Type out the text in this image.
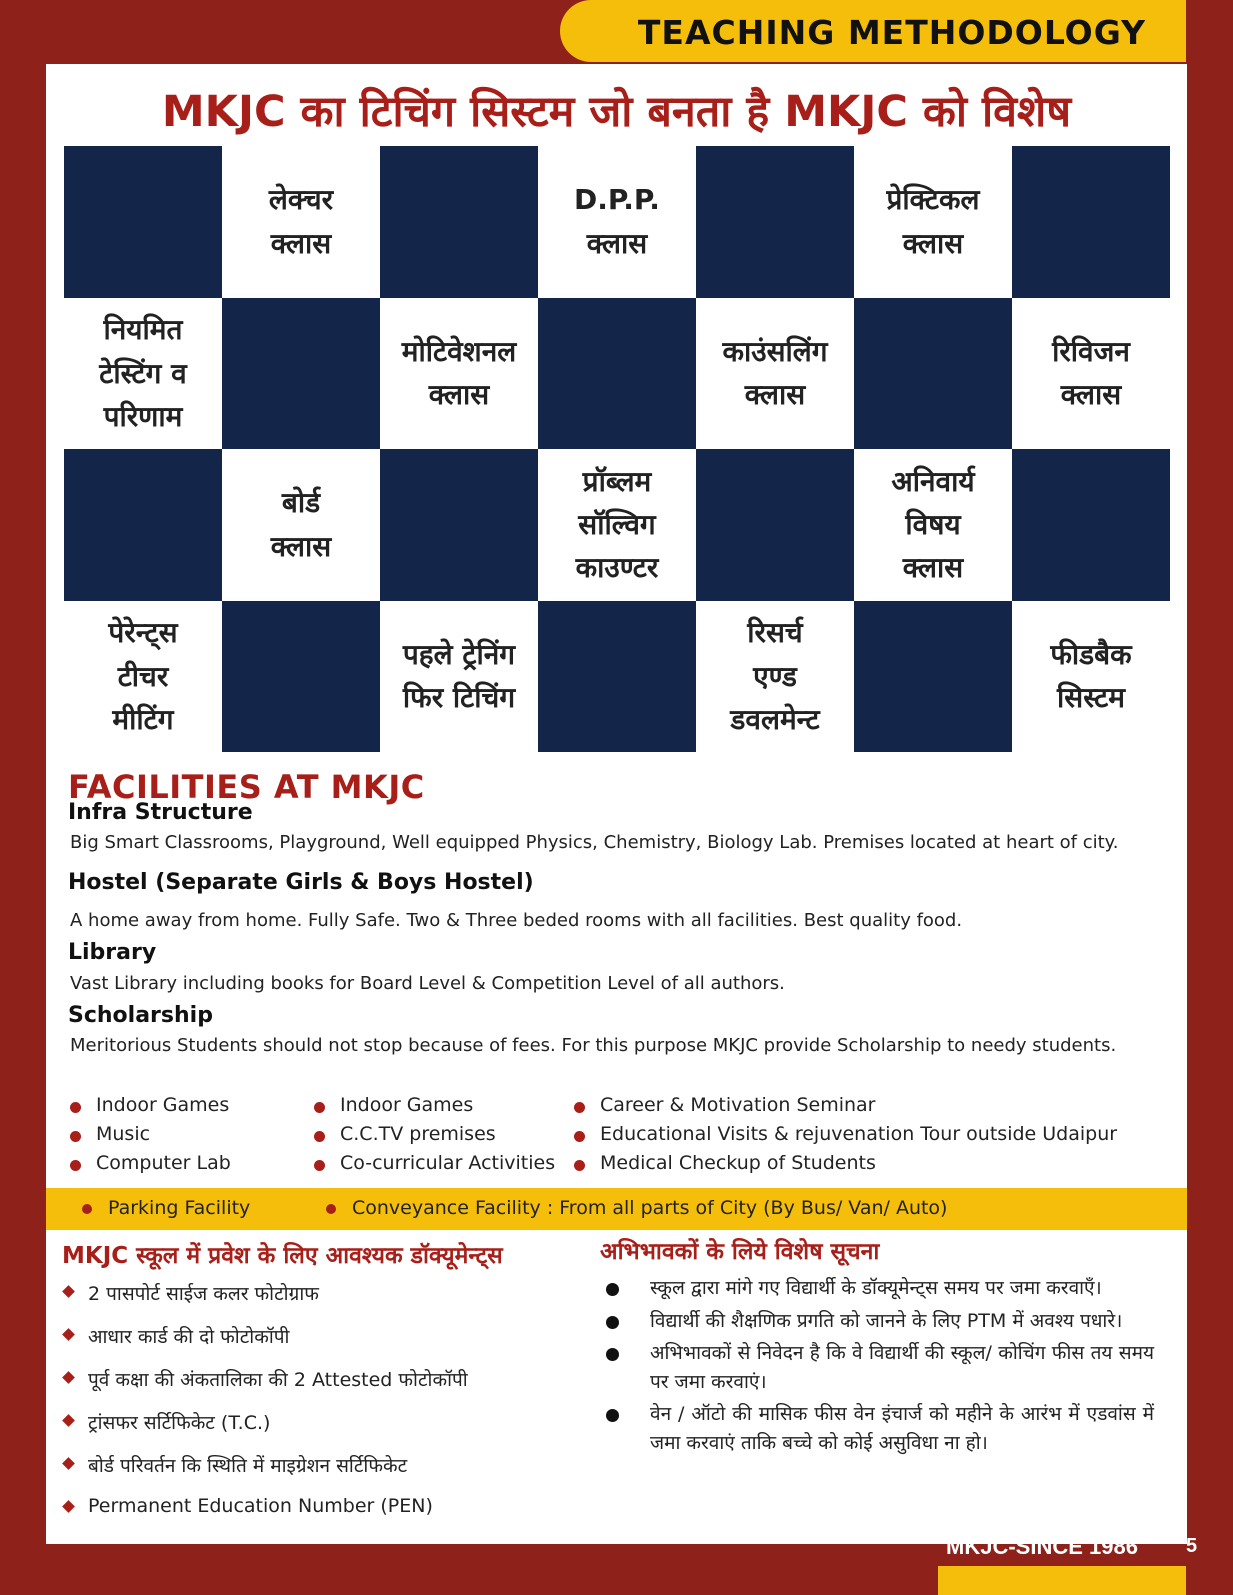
TEACHING METHODOLOGY
MKJC का टिचिंग सिस्टम जो बनता है MKJC को विशेष
लेक्चर
क्लास
D.P.P.
क्लास
प्रेक्टिकल
क्लास
नियमित
टेस्टिंग व
परिणाम
मोटिवेशनल
क्लास
काउंसलिंग
क्लास
रिविजन
क्लास
बोर्ड
क्लास
प्रॉब्लम
सॉल्विग
काउण्टर
अनिवार्य
विषय
क्लास
पेरेन्ट्स
टीचर
मीटिंग
पहले ट्रेनिंग
फिर टिचिंग
रिसर्च
एण्ड
डवलमेन्ट
फीडबैक
सिस्टम
FACILITIES AT MKJC
Infra Structure
Big Smart Classrooms, Playground, Well equipped Physics, Chemistry, Biology Lab. Premises located at heart of city.
Hostel (Separate Girls & Boys Hostel)
A home away from home. Fully Safe. Two & Three beded rooms with all facilities. Best quality food.
Library
Vast Library including books for Board Level & Competition Level of all authors.
Scholarship
Meritorious Students should not stop because of fees. For this purpose MKJC provide Scholarship to needy students.
Indoor Games
Music
Computer Lab
Indoor Games
C.C.TV premises
Co-curricular Activities
Career & Motivation Seminar
Educational Visits & rejuvenation Tour outside Udaipur
Medical Checkup of Students
MKJC स्कूल में प्रवेश के लिए आवश्यक डॉक्यूमेन्ट्स	अभिभावकों के लिये विशेष सूचना
2 पासपोर्ट साईज कलर फोटोग्राफ
आधार कार्ड की दो फोटोकॉपी
पूर्व कक्षा की अंकतालिका की 2 Attested फोटोकॉपी
ट्रांसफर सर्टिफिकेट (T.C.)
बोर्ड परिवर्तन कि स्थिति में माइग्रेशन सर्टिफिकेट
Permanent Education Number (PEN)
स्कूल द्वारा मांगे गए विद्यार्थी के डॉक्यूमेन्ट्स समय पर जमा करवाएँ।
विद्यार्थी की शैक्षणिक प्रगति को जानने के लिए PTM में अवश्य पधारे।
अभिभावकों से निवेदन है कि वे विद्यार्थी की स्कूल/ कोचिंग फीस तय समय पर जमा करवाएं।
वेन / ऑटो की मासिक फीस वेन इंचार्ज को महीने के आरंभ में एडवांस में जमा करवाएं ताकि बच्चे को कोई असुविधा ना हो।
Parking Facility	Conveyance Facility : From all parts of City (By Bus/ Van/ Auto)
MKJC-SINCE 1986 5
